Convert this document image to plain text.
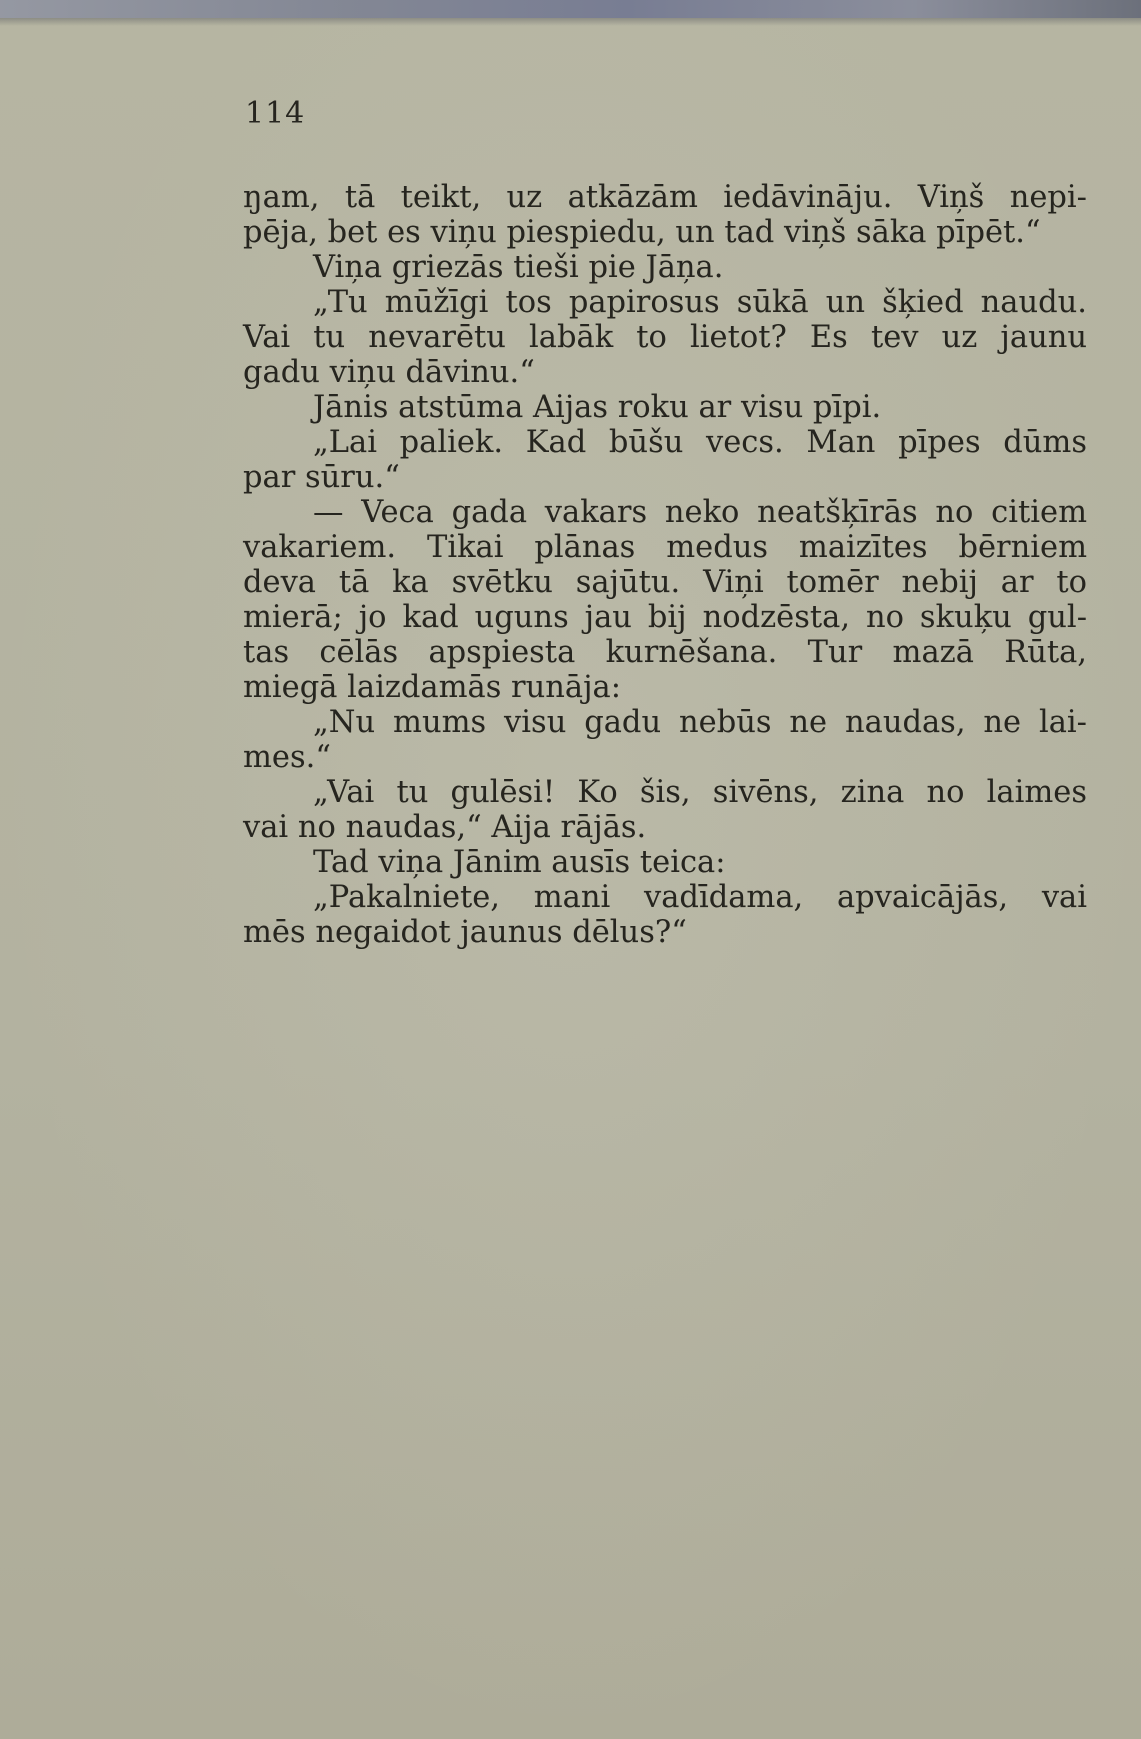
114
ŋam, tā teikt, uz atkāzām iedāvināju. Viņš nepi-
pēja, bet es viņu piespiedu, un tad viņš sāka pīpēt.“
Viņa griezās tieši pie Jāņa.
„Tu mūžīgi tos papirosus sūkā un šķied naudu.
Vai tu nevarētu labāk to lietot? Es tev uz jaunu
gadu viņu dāvinu.“
Jānis atstūma Aijas roku ar visu pīpi.
„Lai paliek. Kad būšu vecs. Man pīpes dūms
par sūru.“
— Veca gada vakars neko neatšķīrās no citiem
vakariem. Tikai plānas medus maizītes bērniem
deva tā ka svētku sajūtu. Viņi tomēr nebij ar to
mierā; jo kad uguns jau bij nodzēsta, no skuķu gul-
tas cēlās apspiesta kurnēšana. Tur mazā Rūta,
miegā laizdamās runāja:
„Nu mums visu gadu nebūs ne naudas, ne lai-
mes.“
„Vai tu gulēsi! Ko šis, sivēns, zina no laimes
vai no naudas,“ Aija rājās.
Tad viņa Jānim ausīs teica:
„Pakalniete, mani vadīdama, apvaicājās, vai
mēs negaidot jaunus dēlus?“
